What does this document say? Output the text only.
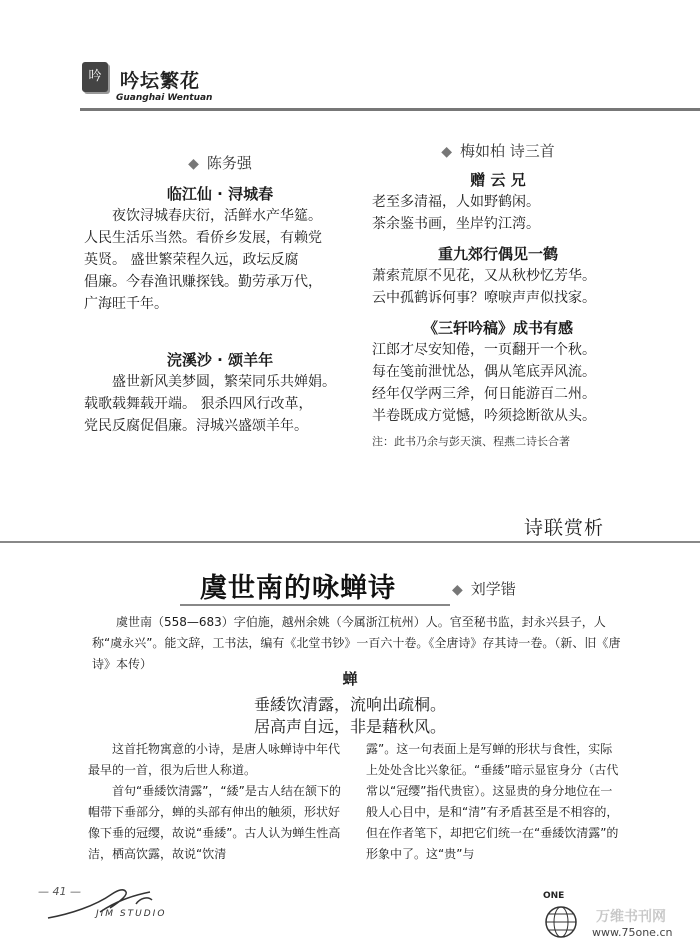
吟 吟坛繁花
Guanghai Wentuan
◆ 陈务强
临江仙 · 浔城春

夜饮浔城春庆衍，活鲜水产华筵。

人民生活乐当然。看侨乡发展，有赖党

英贤。 盛世繁荣程久远，政坛反腐

倡廉。今春渔讯赚探钱。勤劳承万代，

广海旺千年。

浣溪沙 · 颂羊年

盛世新风美梦圆，繁荣同乐共婵娟。

载歌载舞载开端。 狠杀四风行改革，

党民反腐促倡廉。浔城兴盛颂羊年。

◆ 梅如柏 诗三首
赠 云 兄

老至多清福，人如野鹤闲。

茶余鉴书画，坐岸钓江湾。

重九郊行偶见一鹤

萧索荒原不见花，又从秋杪忆芳华。

云中孤鹤诉何事？嘹唳声声似找家。

《三轩吟稿》成书有感

江郎才尽安知倦，一页翻开一个秋。

每在笺前泄忧怂，偶从笔底弄风流。

经年仅学两三斧，何日能游百二州。

半卷既成方觉憾，吟须捻断欲从头。

注：此书乃余与彭天演、程燕二诗长合著
诗联赏析
虞世南的咏蝉诗	◆ 刘学锴
虞世南（558—683）字伯施，越州余姚（今属浙江杭州）人。官至秘书监，封永兴县子，人称“虞永兴”。能文辞，工书法，编有《北堂书钞》一百六十卷。《全唐诗》存其诗一卷。（新、旧《唐诗》本传）
蝉
垂緌饮清露，流响出疏桐。
居高声自远，非是藉秋风。

这首托物寓意的小诗，是唐人咏蝉诗中年代最早的一首，很为后世人称道。

首句“垂緌饮清露”，“緌”是古人结在颔下的帽带下垂部分，蝉的头部有伸出的触须，形状好像下垂的冠缨，故说“垂緌”。古人认为蝉生性高洁，栖高饮露，故说“饮清

露”。这一句表面上是写蝉的形状与食性，实际上处处含比兴象征。“垂緌”暗示显宦身分（古代常以“冠缨”指代贵宦）。这显贵的身分地位在一般人心目中，是和“清”有矛盾甚至是不相容的，但在作者笔下，却把它们统一在“垂緌饮清露”的形象中了。这“贵”与

— 41 —
JIM STUDIO
ONE
万维书刊网
www.75one.cn
